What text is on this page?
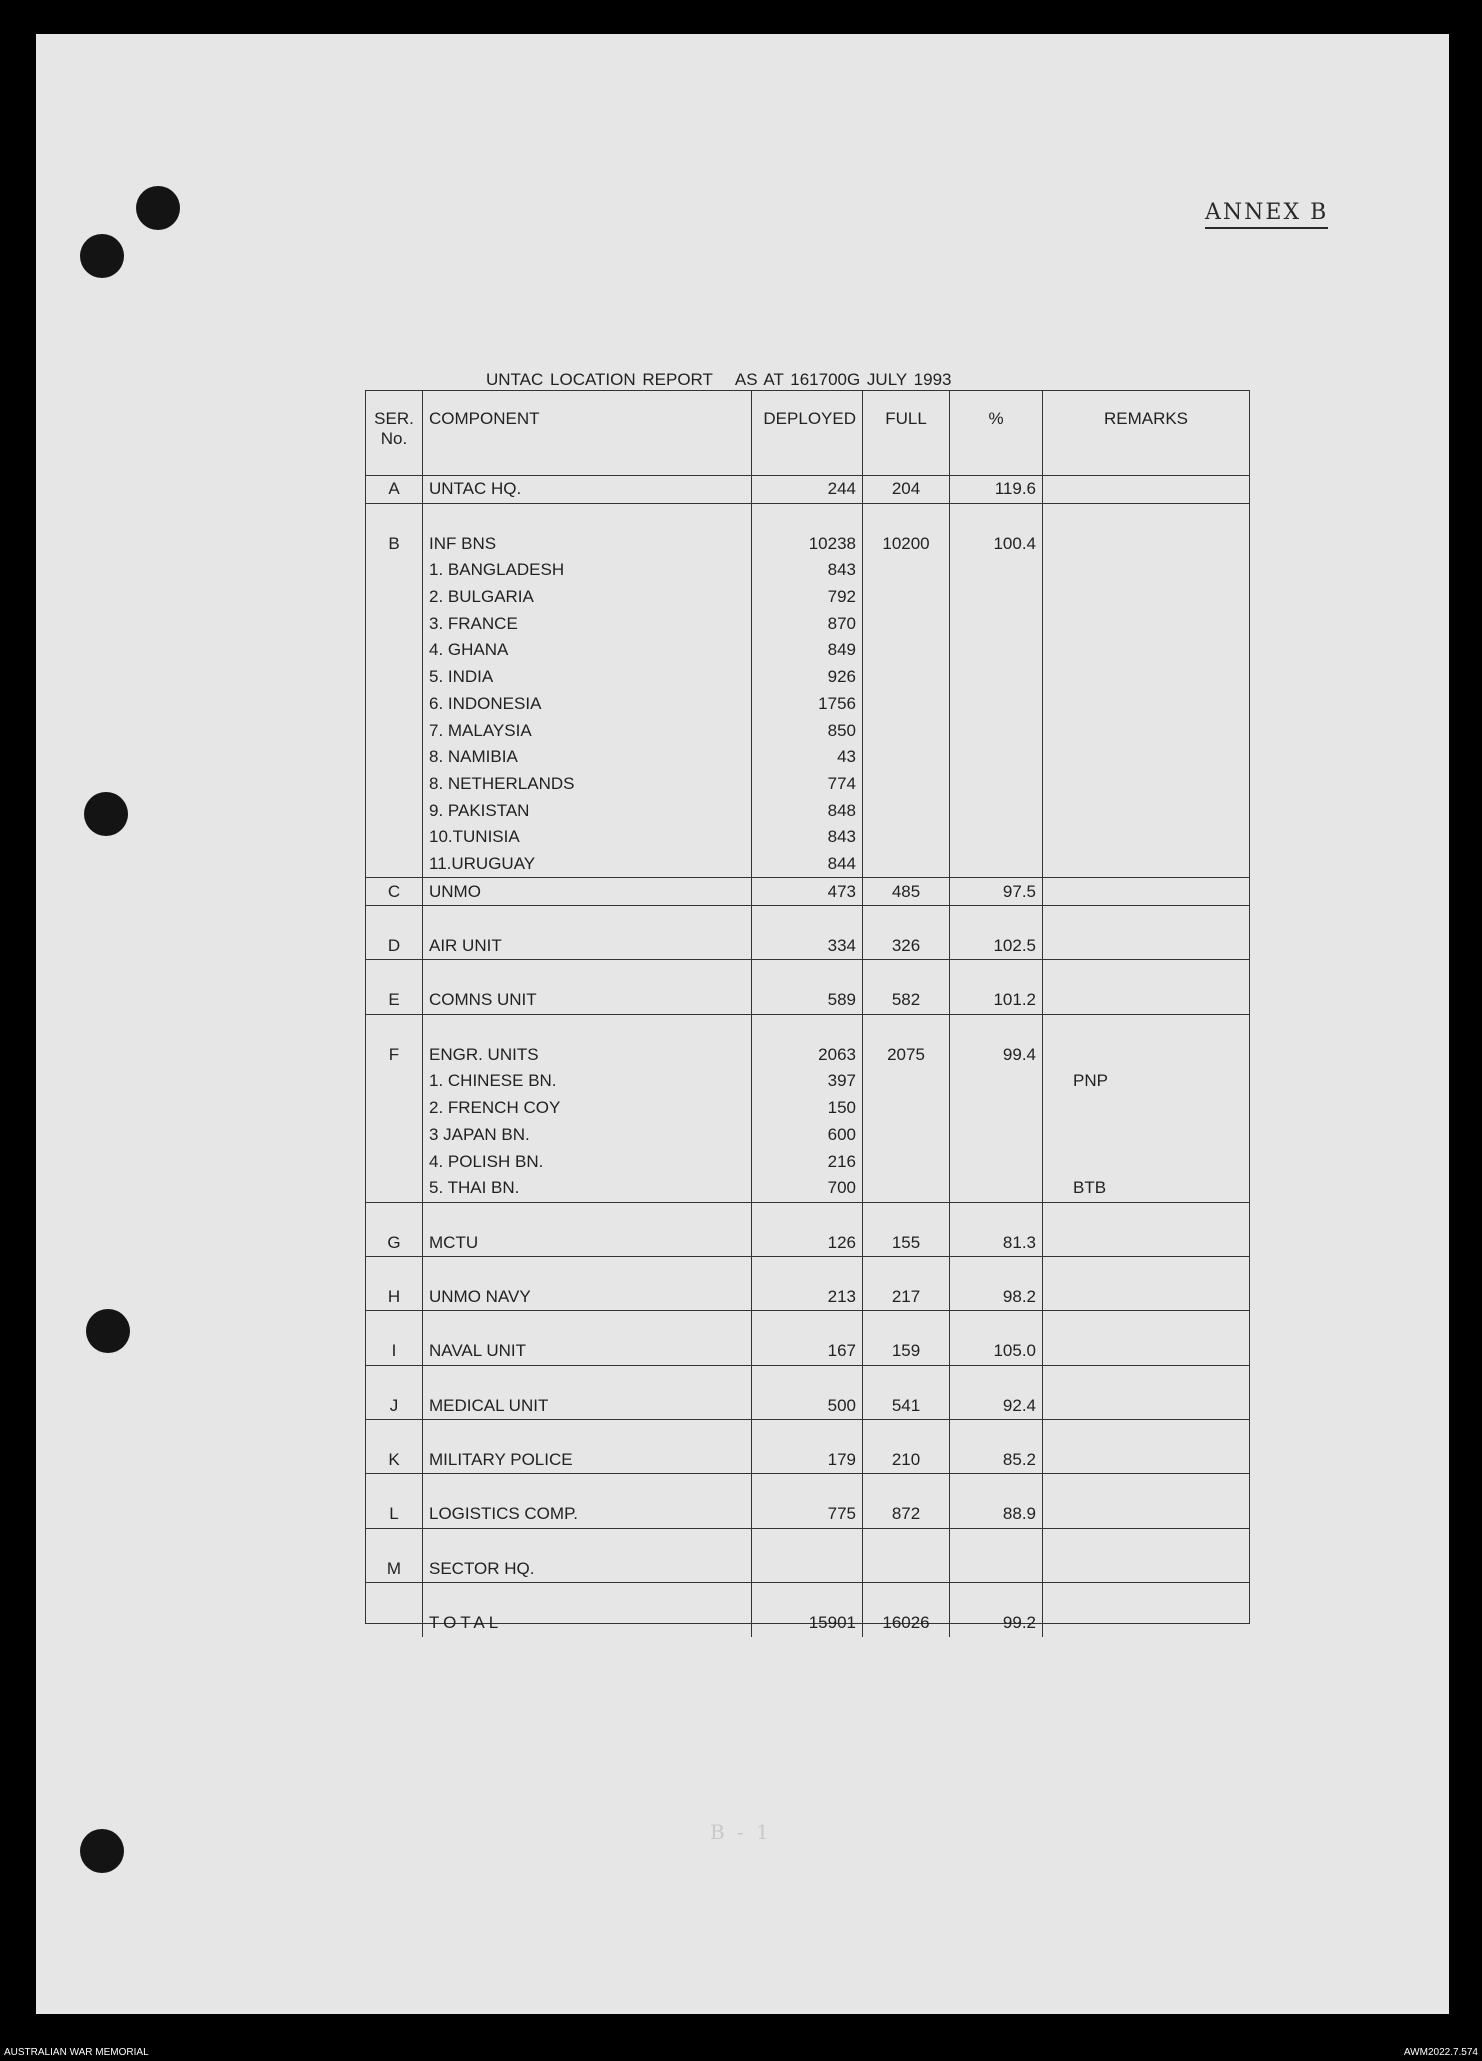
ANNEX B
UNTAC LOCATION REPORT AS AT 161700G JULY 1993
SER.
No.	COMPONENT	DEPLOYED	FULL	%	REMARKS
A	UNTAC HQ.	244	204	119.6	

B	INF BNS	10238	10200	100.4	
	1. BANGLADESH	843			
	2. BULGARIA	792			
	3. FRANCE	870			
	4. GHANA	849			
	5. INDIA	926			
	6. INDONESIA	1756			
	7. MALAYSIA	850			
	8. NAMIBIA	43			
	8. NETHERLANDS	774			
	9. PAKISTAN	848			
	10.TUNISIA	843			
	11.URUGUAY	844			
C	UNMO	473	485	97.5	

D	AIR UNIT	334	326	102.5	

E	COMNS UNIT	589	582	101.2	

F	ENGR. UNITS	2063	2075	99.4	
	1. CHINESE BN.	397			PNP
	2. FRENCH COY	150			
	3 JAPAN BN.	600			
	4. POLISH BN.	216			
	5. THAI BN.	700			BTB

G	MCTU	126	155	81.3	

H	UNMO NAVY	213	217	98.2	

I	NAVAL UNIT	167	159	105.0	

J	MEDICAL UNIT	500	541	92.4	

K	MILITARY POLICE	179	210	85.2	

L	LOGISTICS COMP.	775	872	88.9	

M	SECTOR HQ.				

	TOTAL	15901	16026	99.2	
B - 1
AUSTRALIAN WAR MEMORIAL	AWM2022.7.574
